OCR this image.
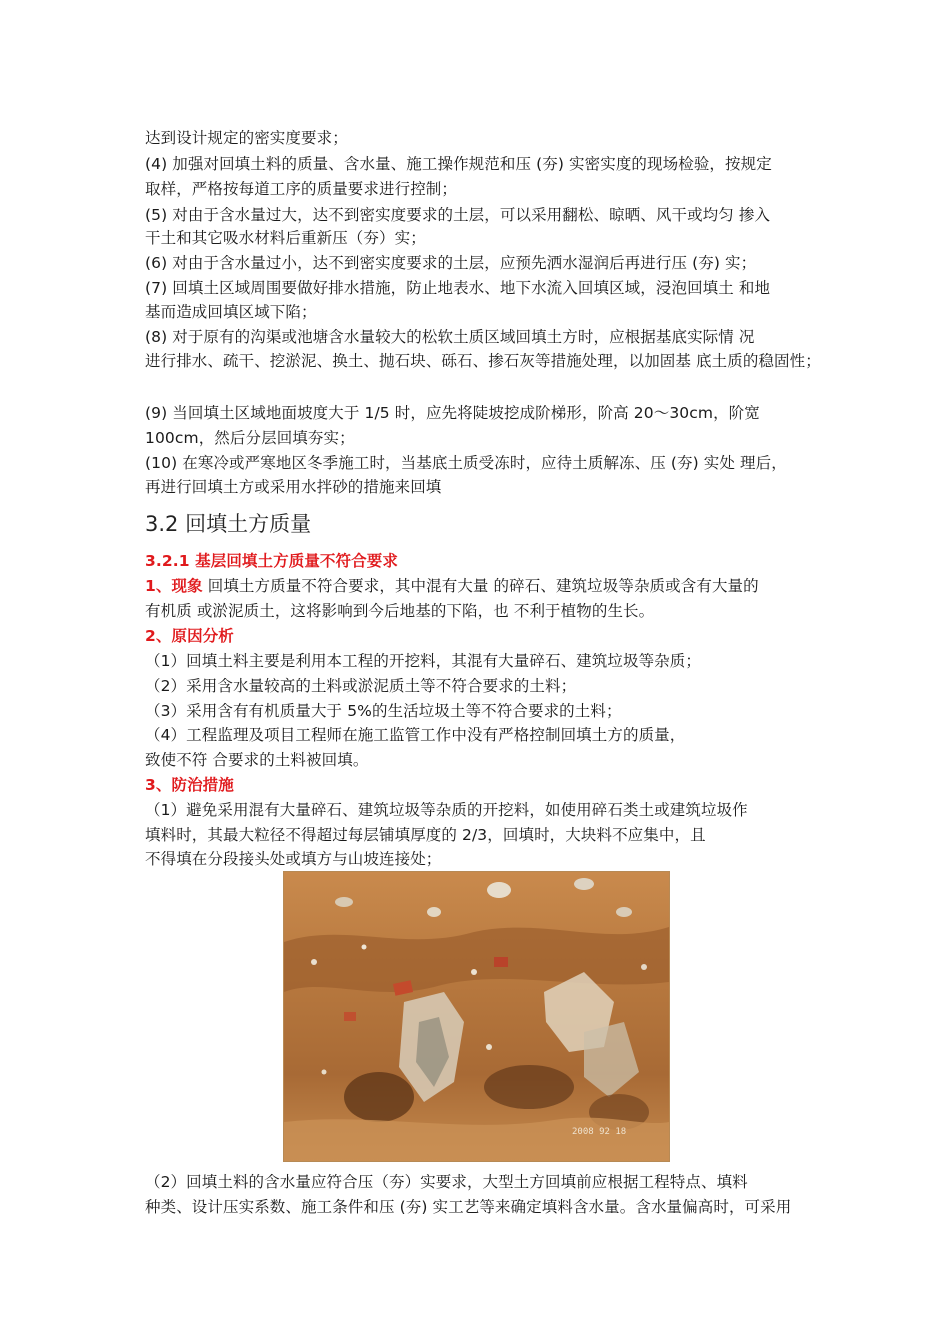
达到设计规定的密实度要求；
(4) 加强对回填土料的质量、含水量、施工操作规范和压 (夯) 实密实度的现场检验，按规定
取样，严格按每道工序的质量要求进行控制；
(5) 对由于含水量过大，达不到密实度要求的土层，可以采用翻松、晾晒、风干或均匀 掺入
干土和其它吸水材料后重新压（夯）实；
(6) 对由于含水量过小，达不到密实度要求的土层，应预先洒水湿润后再进行压 (夯) 实；
(7) 回填土区域周围要做好排水措施，防止地表水、地下水流入回填区域，浸泡回填土 和地
基而造成回填区域下陷；
(8) 对于原有的沟渠或池塘含水量较大的松软土质区域回填土方时，应根据基底实际情 况
进行排水、疏干、挖淤泥、换土、抛石块、砾石、掺石灰等措施处理，以加固基 底土质的稳固性；
(9) 当回填土区域地面坡度大于 1/5 时，应先将陡坡挖成阶梯形，阶高 20～30cm，阶宽
100cm，然后分层回填夯实；
(10) 在寒冷或严寒地区冬季施工时，当基底土质受冻时，应待土质解冻、压 (夯) 实处 理后，
再进行回填土方或采用水拌砂的措施来回填
3.2 回填土方质量
3.2.1 基层回填土方质量不符合要求
1、现象 回填土方质量不符合要求，其中混有大量 的碎石、建筑垃圾等杂质或含有大量的
有机质 或淤泥质土，这将影响到今后地基的下陷，也 不利于植物的生长。
2、原因分析
（1）回填土料主要是利用本工程的开挖料，其混有大量碎石、建筑垃圾等杂质；
（2）采用含水量较高的土料或淤泥质土等不符合要求的土料；
（3）采用含有有机质量大于 5%的生活垃圾土等不符合要求的土料；
（4）工程监理及项目工程师在施工监管工作中没有严格控制回填土方的质量，
致使不符 合要求的土料被回填。
3、防治措施
（1）避免采用混有大量碎石、建筑垃圾等杂质的开挖料，如使用碎石类土或建筑垃圾作
填料时，其最大粒径不得超过每层铺填厚度的 2/3，回填时，大块料不应集中，且
不得填在分段接头处或填方与山坡连接处；
2008 92 18
（2）回填土料的含水量应符合压（夯）实要求，大型土方回填前应根据工程特点、填料
种类、设计压实系数、施工条件和压 (夯) 实工艺等来确定填料含水量。含水量偏高时，可采用
